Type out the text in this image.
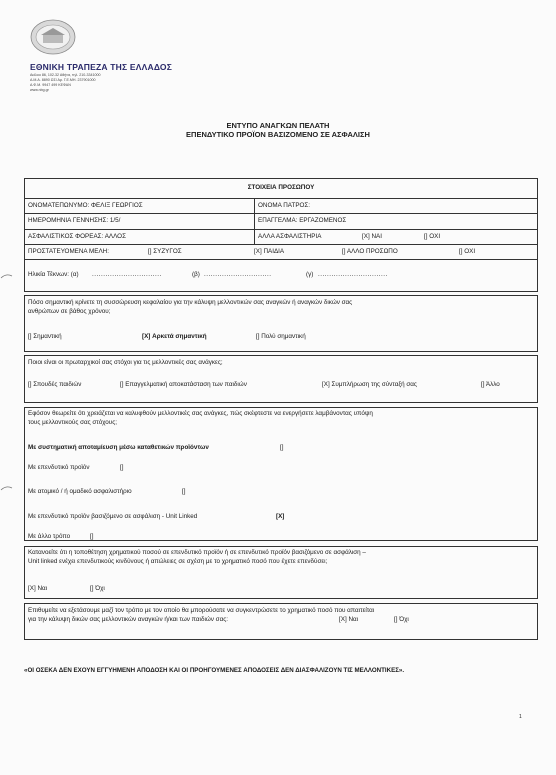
ΕΘΝΙΚΗ ΤΡΑΠΕΖΑ ΤΗΣ ΕΛΛΑΔΟΣ
Αιόλου 86, 102-32 Αθήνα, τηλ. 210-3341000
Α.Μ.Α. 8890 ΩΣΙ Αρ. Γ.Ε.ΜΗ. 237901000
Α.Φ.Μ. 9947 499 ΚΕΦΑΝ
www.nbg.gr
ΕΝΤΥΠΟ ΑΝΑΓΚΩΝ ΠΕΛΑΤΗ
ΕΠΕΝΔΥΤΙΚΟ ΠΡΟΪΟΝ ΒΑΣΙΖΟΜΕΝΟ ΣΕ ΑΣΦΑΛΙΣΗ
ΣΤΟΙΧΕΙΑ ΠΡΟΣΩΠΟΥ
ΟΝΟΜΑΤΕΠΩΝΥΜΟ: ΦΕΛΙΞ ΓΕΩΡΓΙΟΣ	ΟΝΟΜΑ ΠΑΤΡΟΣ:
ΗΜΕΡΟΜΗΝΙΑ ΓΕΝΝΗΣΗΣ: 1/5/	ΕΠΑΓΓΕΛΜΑ: ΕΡΓΑΖΟΜΕΝΟΣ
ΑΣΦΑΛΙΣΤΙΚΟΣ ΦΟΡΕΑΣ: ΑΛΛΟΣ	ΑΛΛΑ ΑΣΦΑΛΙΣΤΗΡΙΑ	[X] ΝΑΙ	[] ΟΧΙ
ΠΡΟΣΤΑΤΕΥΟΜΕΝΑ ΜΕΛΗ:	[] ΣΥΖΥΓΟΣ	[X] ΠΑΙΔΙΑ	[] ΑΛΛΟ ΠΡΟΣΩΠΟ	[] ΟΧΙ
Ηλικία Τέκνων: (α) ...............................	(β) ..............................	(γ) ...............................
Πόσο σημαντική κρίνετε τη συσσώρευση κεφαλαίου για την κάλυψη μελλοντικών σας αναγκών ή αναγκών δικών σας
ανθρώπων σε βάθος χρόνου;
[] Σημαντική	[X] Αρκετά σημαντική	[] Πολύ σημαντική
Ποιοι είναι οι πρωταρχικοί σας στόχοι για τις μελλοντικές σας ανάγκες;
[] Σπουδές παιδιών	[] Επαγγελματική αποκατάσταση των παιδιών	[X] Συμπλήρωση της σύνταξή σας	[] Άλλο
Εφόσον θεωρείτε ότι χρειάζεται να καλυφθούν μελλοντικές σας ανάγκες, πώς σκέφτεστε να ενεργήσετε λαμβάνοντας υπόψη
τους μελλοντικούς σας στόχους;
Με συστηματική αποταμίευση μέσω καταθετικών προϊόντων	[]
Με επενδυτικό προϊόν	[]
Με ατομικό / ή ομαδικό ασφαλιστήριο	[]
Με επενδυτικό προϊόν βασιζόμενο σε ασφάλιση - Unit Linked	[X]
Με άλλο τρόπο	[]
Κατανοείτε ότι η τοποθέτηση χρηματικού ποσού σε επενδυτικό προϊόν ή σε επενδυτικό προϊόν βασιζόμενο σε ασφάλιση –
Unit linked ενέχει επενδυτικούς κινδύνους ή απώλειες σε σχέση με το χρηματικό ποσό που έχετε επενδύσει;
[X] Ναι	[] Όχι
Επιθυμείτε να εξετάσουμε μαζί τον τρόπο με τον οποίο θα μπορούσατε να συγκεντρώσετε το χρηματικό ποσό που απαιτείται
για την κάλυψη δικών σας μελλοντικών αναγκών ή/και των παιδιών σας:	[X] Ναι	[] Όχι
«ΟΙ ΟΣΕΚΑ ΔΕΝ ΕΧΟΥΝ ΕΓΓΥΗΜΕΝΗ ΑΠΟΔΟΣΗ ΚΑΙ ΟΙ ΠΡΟΗΓΟΥΜΕΝΕΣ ΑΠΟΔΟΣΕΙΣ ΔΕΝ ΔΙΑΣΦΑΛΙΖΟΥΝ ΤΙΣ ΜΕΛΛΟΝΤΙΚΕΣ».
1
